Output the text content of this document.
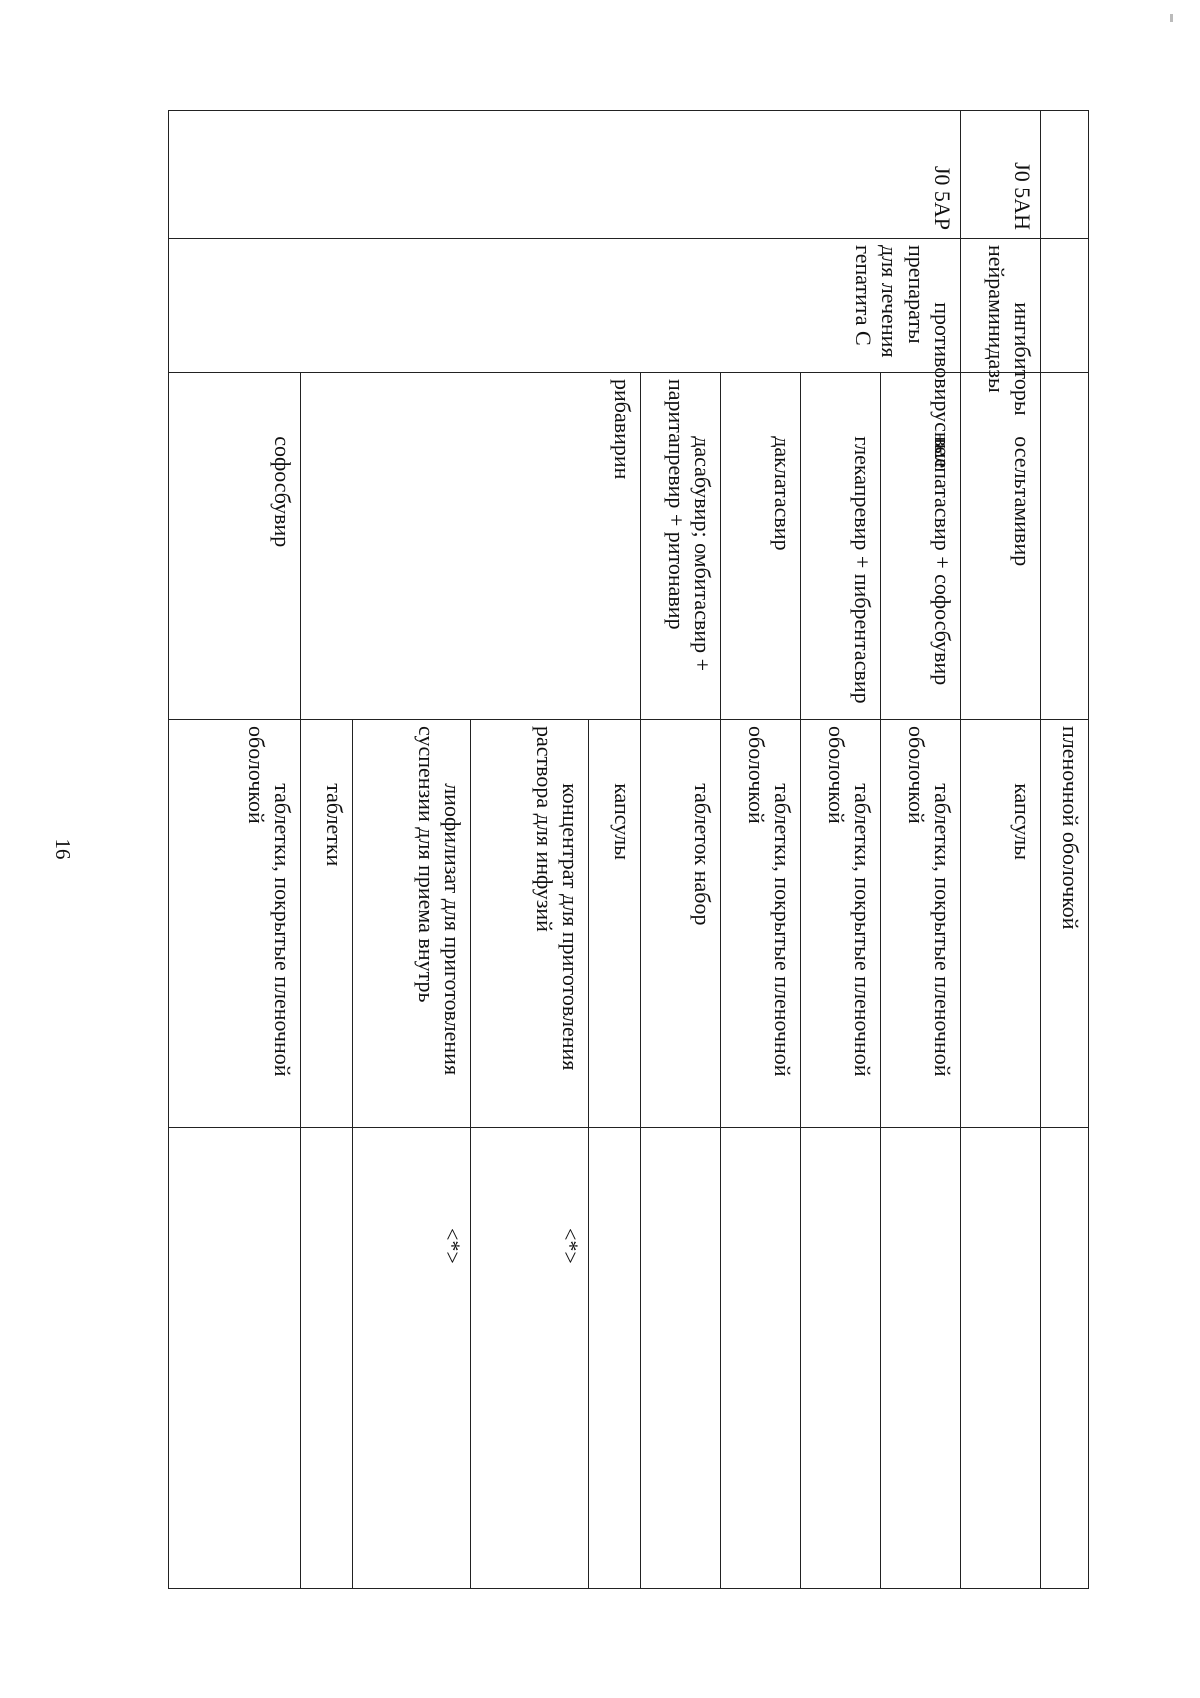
16
				пленочной оболочкой	
J0 5AH	ингибиторы нейраминидазы	осельтамивир	капсулы	
J0 5AP	противовирусные препараты для лечения гепатита С	велпатасвир + софосбувир	таблетки, покрытые пленочной оболочкой	
		глекапревир + пибрентасвир	таблетки, покрытые пленочной оболочкой	
		даклатасвир	таблетки, покрытые пленочной оболочкой	
		дасабувир; омбитасвир + паритапревир + ритонавир	таблеток набор	
		рибавирин	капсулы	
			концентрат для приготовления раствора для инфузий	<*>
			лиофилизат для приготовления суспензии для приема внутрь	<*>
			таблетки	
		софосбувир	таблетки, покрытые пленочной оболочкой	
